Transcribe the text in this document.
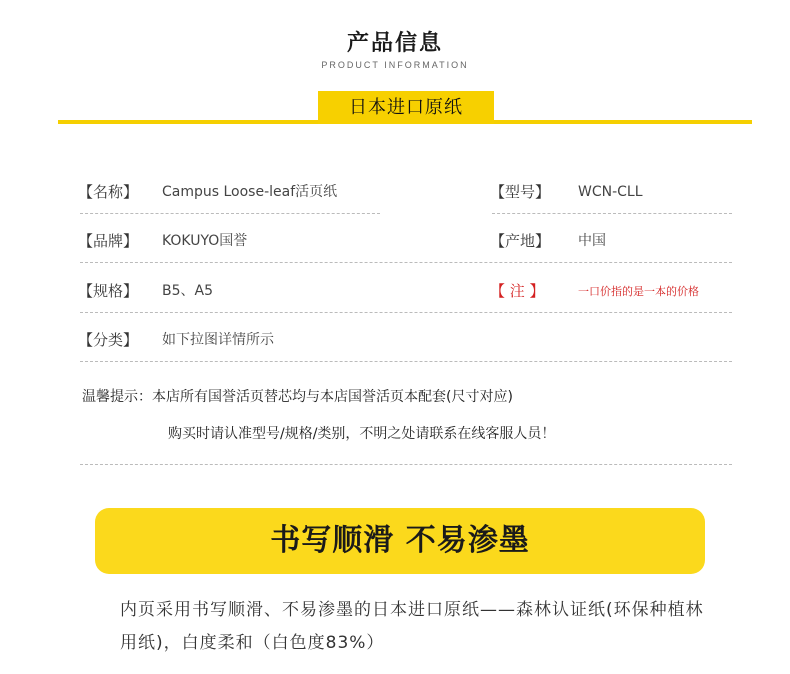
产品信息
PRODUCT INFORMATION
日本进口原纸
【名称】 Campus Loose-leaf活页纸	【型号】 WCN-CLL
【品牌】 KOKUYO国誉	【产地】 中国
【规格】 B5、A5	【 注 】	一口价指的是一本的价格
【分类】 如下拉图详情所示
温馨提示：本店所有国誉活页替芯均与本店国誉活页本配套(尺寸对应)
购买时请认准型号/规格/类别，不明之处请联系在线客服人员！
书写顺滑 不易渗墨
内页采用书写顺滑、不易渗墨的日本进口原纸——森林认证纸(环保种植林用纸)，白度柔和（白色度83%）
